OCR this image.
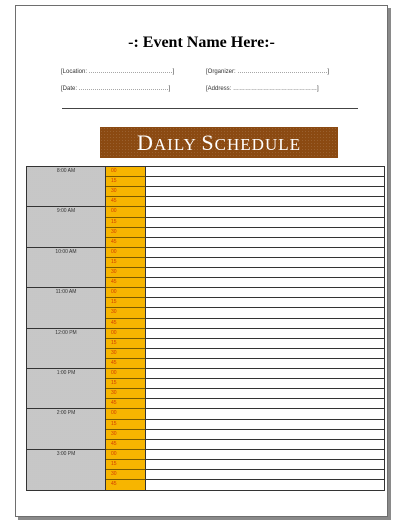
-: Event Name Here:-
[Location: ……………………………………]	[Organizer: ………………………………………]
[Date: ………………………………………]	[Address: ……………………………………]
DAILY SCHEDULE
8:00 AM	00
15
30
45
9:00 AM	00
15
30
45
10:00 AM	00
15
30
45
11:00 AM	00
15
30
45
12:00 PM	00
15
30
45
1:00 PM	00
15
30
45
2:00 PM	00
15
30
45
3:00 PM	00
15
30
45
